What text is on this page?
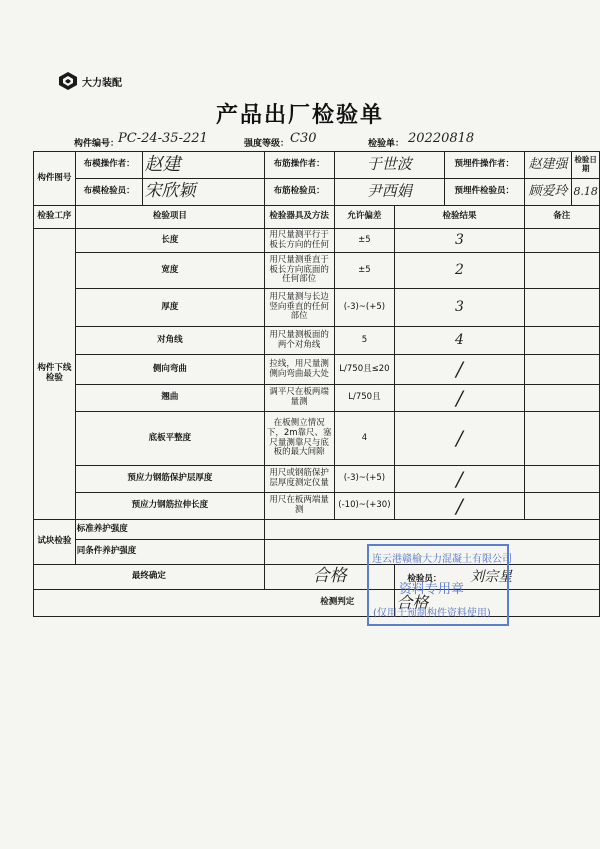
大力装配
产品出厂检验单
构件编号：
PC-24-35-221	强度等级： C30	检验单： 20220818
构件图号	布模操作者：	赵建	布筋操作者：	于世波		预埋件操作者：	赵建强	检验日期
	布模检验员：	宋欣颖	布筋检验员：	尹西娟		预埋件检验员：	顾爱玲	8.18
检验工序	检验项目		检验器具及方法	允许偏差	检验结果		备注	
构件下线检验	长度		用尺量测平行于板长方向的任何	±5	3			
	宽度		用尺量测垂直于板长方向底面的任何部位	±5	2			
	厚度		用尺量测与长边竖向垂直的任何部位	(-3)~(+5)	3			
	对角线		用尺量测板面的两个对角线	5	4			
	侧向弯曲		拉线，用尺量测侧向弯曲最大处	L/750且≤20	/			
	翘曲		调平尺在板两端量测	L/750且	/			
	底板平整度		在板侧立情况下，2m靠尺、塞尺量测靠尺与底板的最大间隙	4	/			
	预应力钢筋保护层厚度		用尺或钢筋保护层厚度测定仪量	(-3)~(+5)	/			
	预应力钢筋拉伸长度		用尺在板两端量测	(-10)~(+30)	/			
试块检验	标准养护强度							
	同条件养护强度							
最终确定			合格		检验员： 刘宗星			
检测判定					合格			
连云港赣榆大力混凝土有限公司
资料专用章
(仅用于预制构件资料使用)
